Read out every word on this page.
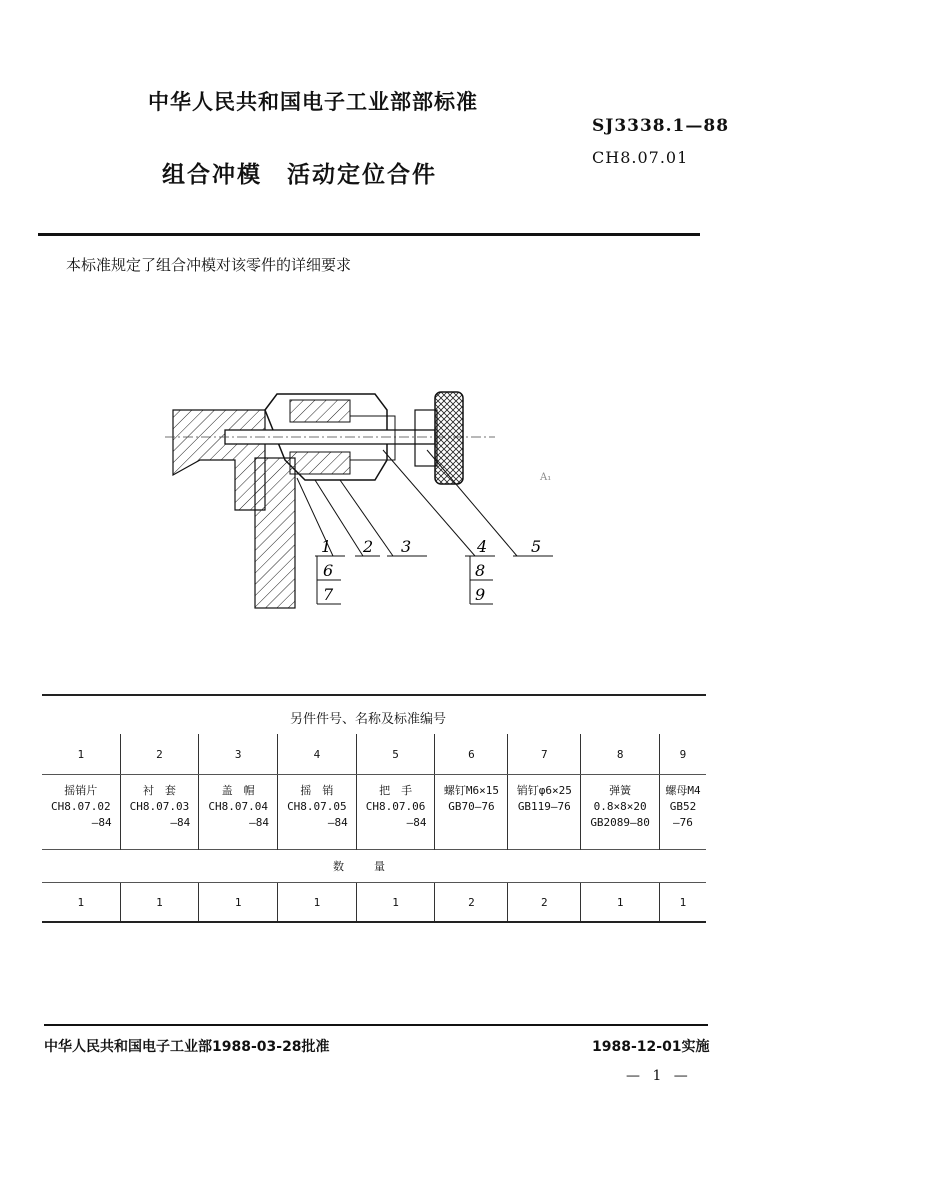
中华人民共和国电子工业部部标准
SJ3338.1—88
组合冲模　活动定位合件
CH8.07.01
本标准规定了组合冲模对该零件的详细要求
1 2 3	4	5
6
7
8
9
A₁
另件件号、名称及标准编号
1	2	3	4	5	6	7	8	9

摇销片
CH8.07.02
—84	衬　套
CH8.07.03
—84	盖　帽
CH8.07.04
—84	摇　销
CH8.07.05
—84	把　手
CH8.07.06
—84	螺钉M6×15
GB70—76	销钉φ6×25
GB119—76	弹簧
0.8×8×20
GB2089—80	螺母M4
GB52
—76

数量								
1	1	1	1	1	2	2	1	1
中华人民共和国电子工业部1988-03-28批准	1988-12-01实施
— 1 —
